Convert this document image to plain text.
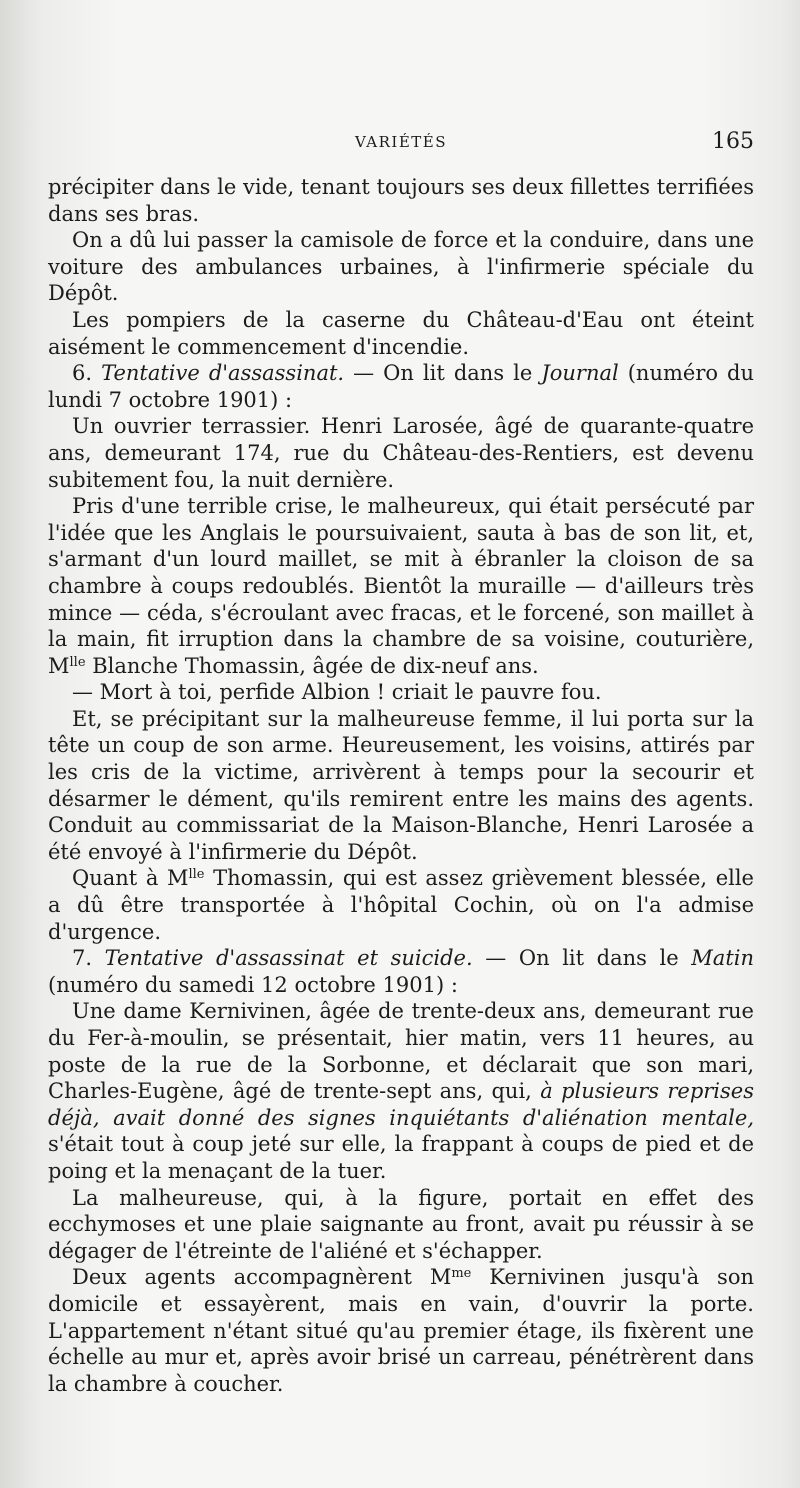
VARIÉTÉS	165

précipiter dans le vide, tenant toujours ses deux fillettes terrifiées dans ses bras.

On a dû lui passer la camisole de force et la conduire, dans une voiture des ambulances urbaines, à l'infirmerie spéciale du Dépôt.

Les pompiers de la caserne du Château-d'Eau ont éteint aisément le commencement d'incendie.

6. Tentative d'assassinat. — On lit dans le Journal (numéro du lundi 7 octobre 1901) :

Un ouvrier terrassier. Henri Larosée, âgé de quarante-quatre ans, demeurant 174, rue du Château-des-Rentiers, est devenu subitement fou, la nuit dernière.

Pris d'une terrible crise, le malheureux, qui était persécuté par l'idée que les Anglais le poursuivaient, sauta à bas de son lit, et, s'armant d'un lourd maillet, se mit à ébranler la cloison de sa chambre à coups redoublés. Bientôt la muraille — d'ailleurs très mince — céda, s'écroulant avec fracas, et le forcené, son maillet à la main, fit irruption dans la chambre de sa voisine, couturière, $M^{lle}$ Blanche Thomassin, âgée de dix-neuf ans.

— Mort à toi, perfide Albion ! criait le pauvre fou.

Et, se précipitant sur la malheureuse femme, il lui porta sur la tête un coup de son arme. Heureusement, les voisins, attirés par les cris de la victime, arrivèrent à temps pour la secourir et désarmer le dément, qu'ils remirent entre les mains des agents. Conduit au commissariat de la Maison-Blanche, Henri Larosée a été envoyé à l'infirmerie du Dépôt.

Quant à $M^{lle}$ Thomassin, qui est assez grièvement blessée, elle a dû être transportée à l'hôpital Cochin, où on l'a admise d'urgence.

7. Tentative d'assassinat et suicide. — On lit dans le Matin (numéro du samedi 12 octobre 1901) :

Une dame Kernivinen, âgée de trente-deux ans, demeurant rue du Fer-à-moulin, se présentait, hier matin, vers 11 heures, au poste de la rue de la Sorbonne, et déclarait que son mari, Charles-Eugène, âgé de trente-sept ans, qui, à plusieurs reprises déjà, avait donné des signes inquiétants d'aliénation mentale, s'était tout à coup jeté sur elle, la frappant à coups de pied et de poing et la menaçant de la tuer.

La malheureuse, qui, à la figure, portait en effet des ecchymoses et une plaie saignante au front, avait pu réussir à se dégager de l'étreinte de l'aliéné et s'échapper.

Deux agents accompagnèrent $M^{me}$ Kernivinen jusqu'à son domicile et essayèrent, mais en vain, d'ouvrir la porte. L'appartement n'étant situé qu'au premier étage, ils fixèrent une échelle au mur et, après avoir brisé un carreau, pénétrèrent dans la chambre à coucher.
